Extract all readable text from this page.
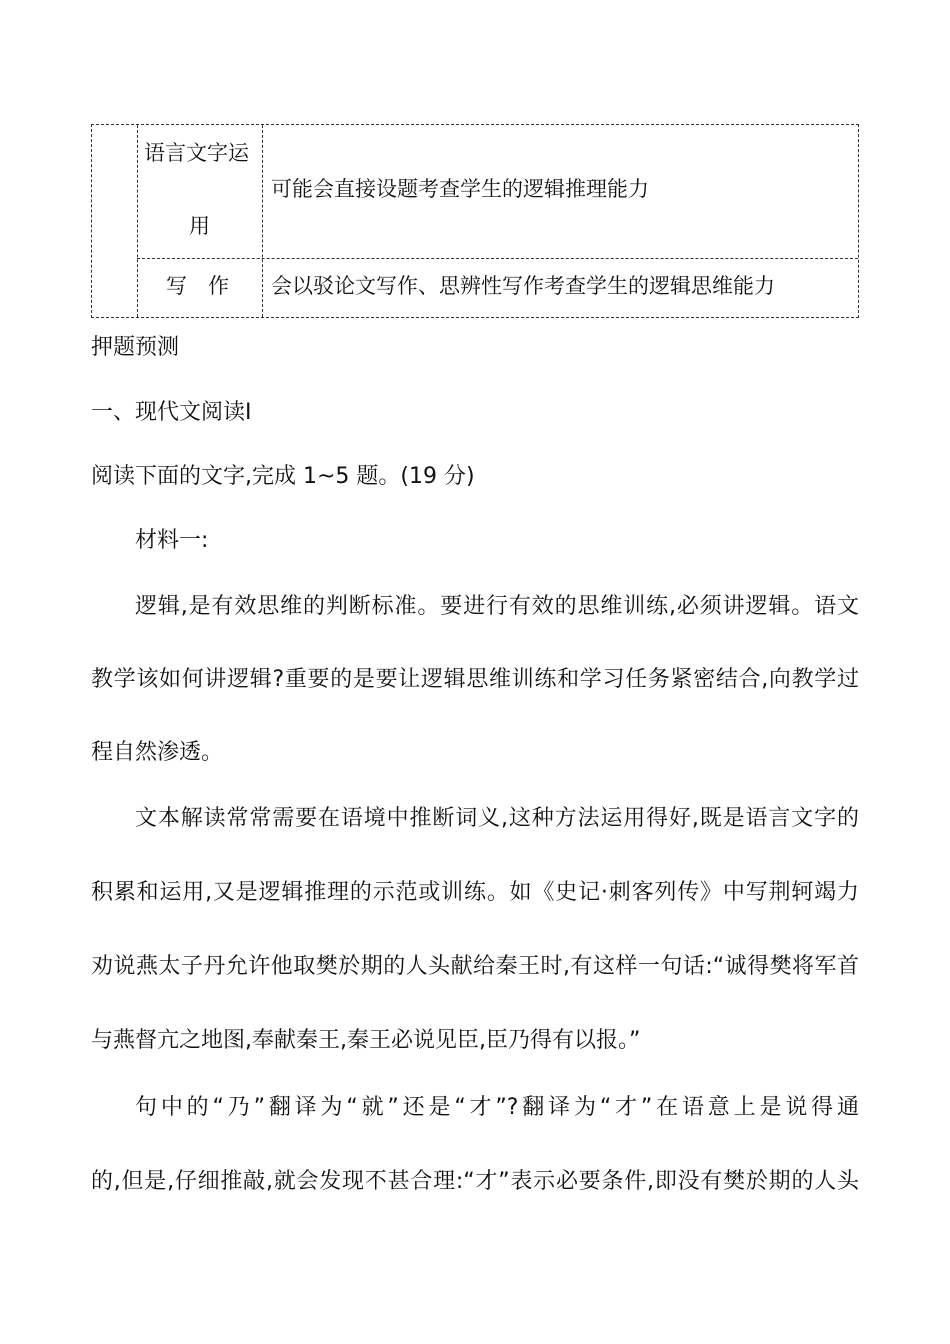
语言文字运
用
可能会直接设题考查学生的逻辑推理能力
写　作 会以驳论文写作、思辨性写作考查学生的逻辑思维能力
押题预测
一、现代文阅读Ⅰ
阅读下面的文字,完成 1~5 题。(19 分)
材料一:
逻辑,是有效思维的判断标准。要进行有效的思维训练,必须讲逻辑。语文
教学该如何讲逻辑?重要的是要让逻辑思维训练和学习任务紧密结合,向教学过
程自然渗透。
文本解读常常需要在语境中推断词义,这种方法运用得好,既是语言文字的
积累和运用,又是逻辑推理的示范或训练。如《史记·刺客列传》中写荆轲竭力
劝说燕太子丹允许他取樊於期的人头献给秦王时,有这样一句话:“诚得樊将军首
与燕督亢之地图,奉献秦王,秦王必说见臣,臣乃得有以报。”
句中的“乃”翻译为“就”还是“才”?翻译为“才”在语意上是说得通
的,但是,仔细推敲,就会发现不甚合理:“才”表示必要条件,即没有樊於期的人头
